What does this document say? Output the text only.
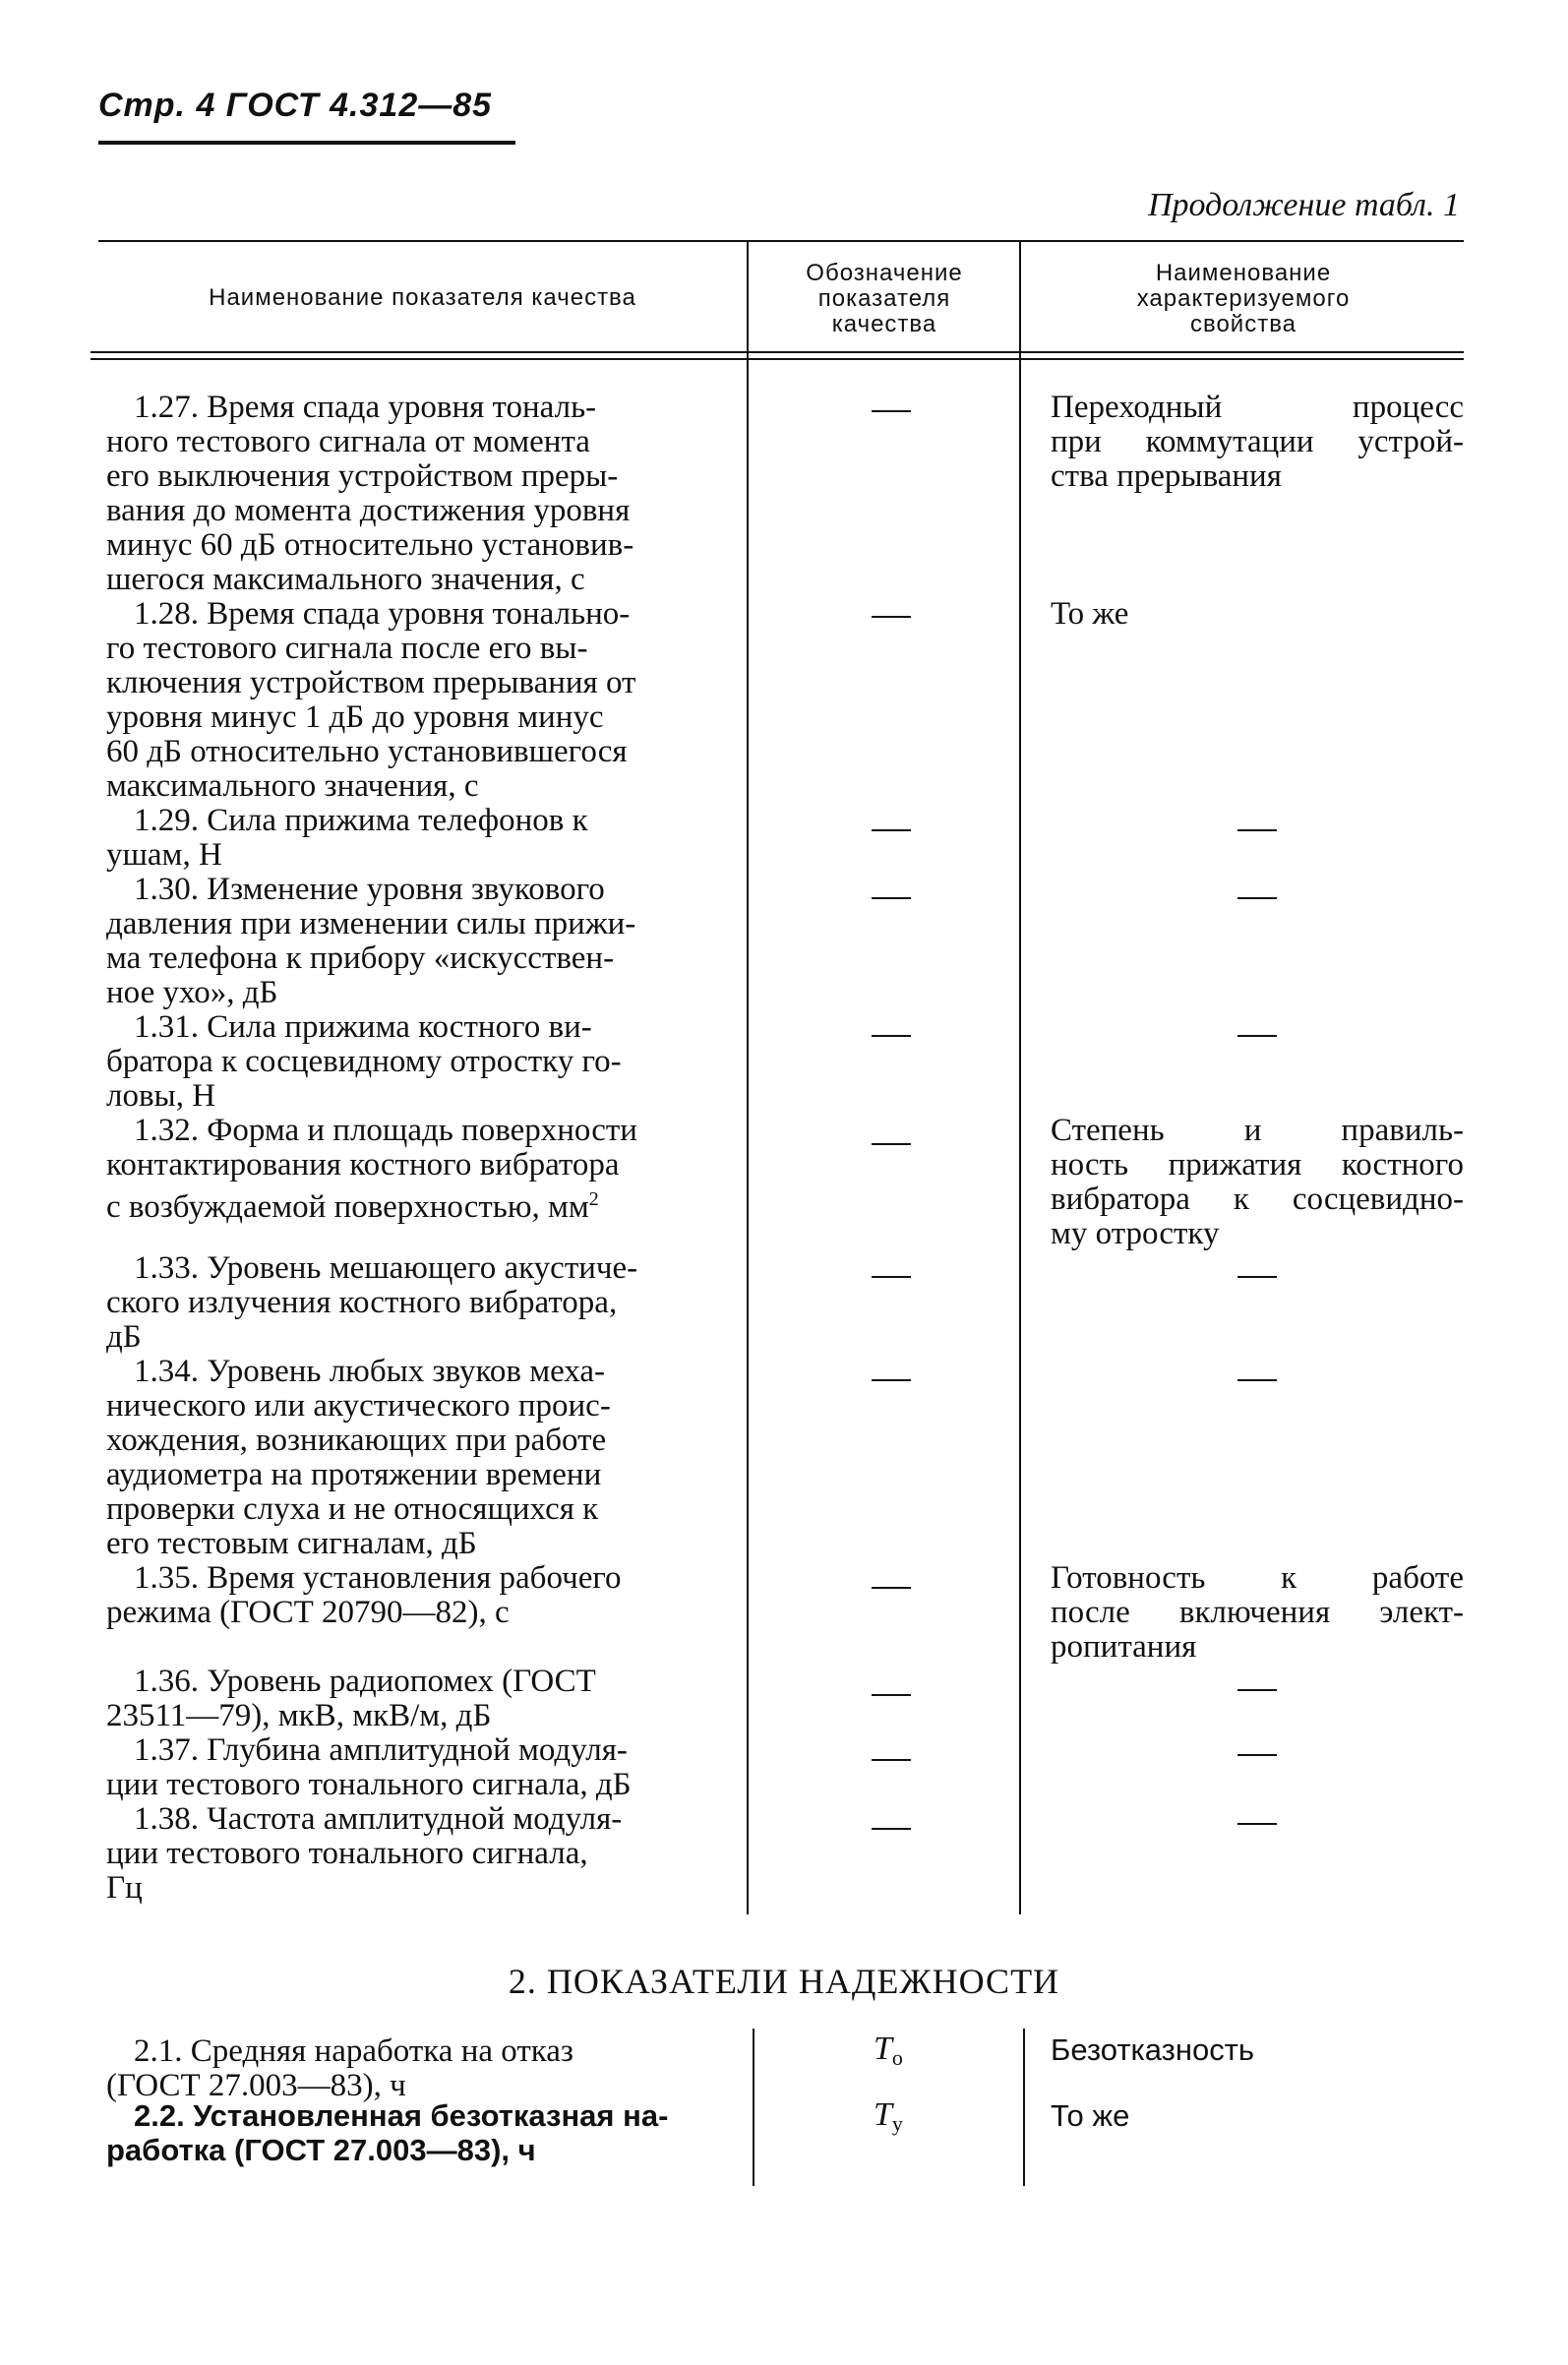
Стр. 4 ГОСТ 4.312—85
Продолжение табл. 1
Наименование показателя качества
Обозначение
показателя
качества
Наименование
характеризуемого
свойства
1.27. Время спада уровня тональ-
ного тестового сигнала от момента
его выключения устройством преры-
вания до момента достижения уровня
минус 60 дБ относительно установив-
шегося максимального значения, с
Переходный процесс
при коммутации устрой-
ства прерывания
1.28. Время спада уровня тонально-
го тестового сигнала после его вы-
ключения устройством прерывания от
уровня минус 1 дБ до уровня минус
60 дБ относительно установившегося
максимального значения, с
То же
1.29. Сила прижима телефонов к
ушам, Н
1.30. Изменение уровня звукового
давления при изменении силы прижи-
ма телефона к прибору «искусствен-
ное ухо», дБ
1.31. Сила прижима костного ви-
братора к сосцевидному отростку го-
ловы, Н
1.32. Форма и площадь поверхности
контактирования костного вибратора
с возбуждаемой поверхностью, $мм^2$
Степень и правиль-
ность прижатия костного
вибратора к сосцевидно-
му отростку
1.33. Уровень мешающего акустиче-
ского излучения костного вибратора,
дБ
1.34. Уровень любых звуков меха-
нического или акустического проис-
хождения, возникающих при работе
аудиометра на протяжении времени
проверки слуха и не относящихся к
его тестовым сигналам, дБ
1.35. Время установления рабочего
режима (ГОСТ 20790—82), с
Готовность к работе
после включения элект-
ропитания
1.36. Уровень радиопомех (ГОСТ
23511—79), мкВ, мкВ/м, дБ
1.37. Глубина амплитудной модуля-
ции тестового тонального сигнала, дБ
1.38. Частота амплитудной модуля-
ции тестового тонального сигнала,
Гц
2. ПОКАЗАТЕЛИ НАДЕЖНОСТИ
2.1. Средняя наработка на отказ
(ГОСТ 27.003—83), ч
$T_о$	Безотказность
2.2. Установленная безотказная на-
работка (ГОСТ 27.003—83), ч
$T_у$	То же
